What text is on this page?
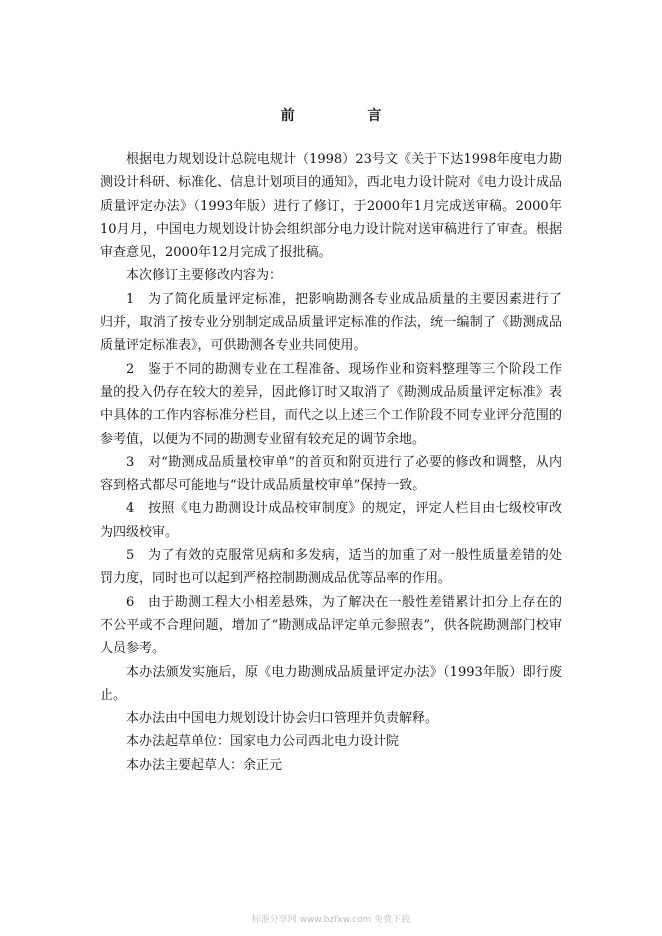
前 言

根据电力规划设计总院电规计（1998）23号文《关于下达1998年度电力勘测设计科研、标准化、信息计划项目的通知》，西北电力设计院对《电力设计成品质量评定办法》（1993年版）进行了修订，于2000年1月完成送审稿。2000年10月月，中国电力规划设计协会组织部分电力设计院对送审稿进行了审查。根据审查意见，2000年12月完成了报批稿。

本次修订主要修改内容为：

1　为了简化质量评定标准，把影响勘测各专业成品质量的主要因素进行了归并，取消了按专业分别制定成品质量评定标准的作法，统一编制了《勘测成品质量评定标准表》，可供勘测各专业共同使用。

2　鉴于不同的勘测专业在工程准备、现场作业和资料整理等三个阶段工作量的投入仍存在较大的差异，因此修订时又取消了《勘测成品质量评定标准》表中具体的工作内容标准分栏目，而代之以上述三个工作阶段不同专业评分范围的参考值，以便为不同的勘测专业留有较充足的调节余地。

3　对“勘测成品质量校审单”的首页和附页进行了必要的修改和调整，从内容到格式都尽可能地与“设计成品质量校审单”保持一致。

4　按照《电力勘测设计成品校审制度》的规定，评定人栏目由七级校审改为四级校审。

5　为了有效的克服常见病和多发病，适当的加重了对一般性质量差错的处罚力度，同时也可以起到严格控制勘测成品优等品率的作用。

6　由于勘测工程大小相差悬殊，为了解决在一般性差错累计扣分上存在的不公平或不合理问题，增加了“勘测成品评定单元参照表”，供各院勘测部门校审人员参考。

本办法颁发实施后，原《电力勘测成品质量评定办法》（1993年版）即行废止。

本办法由中国电力规划设计协会归口管理并负责解释。

本办法起草单位：国家电力公司西北电力设计院

本办法主要起草人：余正元

标准分享网 www.bzfxw.com 免费下载
